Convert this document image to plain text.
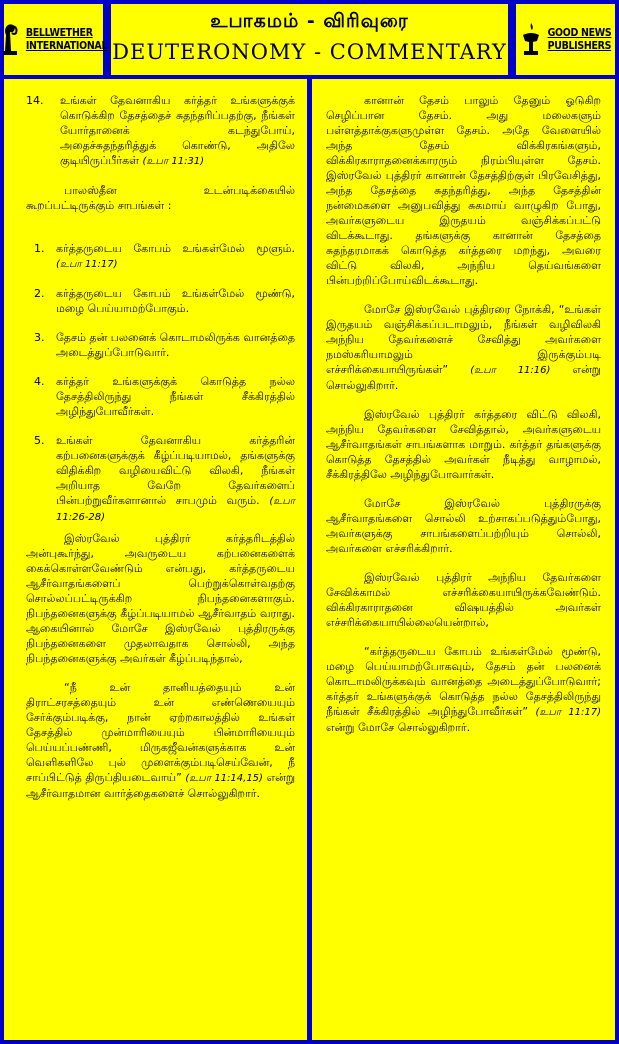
BELLWETHER
INTERNATIONAL
உபாகமம் - விரிவுரை
DEUTERONOMY - COMMENTARY
GOOD NEWS
PUBLISHERS
14.	உங்கள் தேவனாகிய கர்த்தர் உங்களுக்குக் கொடுக்கிற தேசத்தைச் சுதந்தரிப்பதற்கு, நீங்கள் யோர்தானைக் கடந்துபோய், அதைச்சுதந்தரித்துக் கொண்டு, அதிலே குடியிருப்பீர்கள் (உபா 11:31)

பாலஸ்தீன உடன்படிக்கையில் கூறப்பட்டிருக்கும் சாபங்கள் :

1.	கர்த்தருடைய கோபம் உங்கள்மேல் மூளும். (உபா 11:17)
2.	கர்த்தருடைய கோபம் உங்கள்மேல் மூண்டு, மழை பெய்யாமற்போகும்.
3.	தேசம் தன் பலனைக் கொடாமலிருக்க வானத்தை அடைத்துப்போடுவார்.
4.	கர்த்தர் உங்களுக்குக் கொடுத்த நல்ல தேசத்திலிருந்து நீங்கள் சீக்கிரத்தில் அழிந்துபோவீர்கள்.
5.	உங்கள் தேவனாகிய கர்த்தரின் கற்பனைகளுக்குக் கீழ்ப்படியாமல், தங்களுக்கு விதிக்கிற வழியைவிட்டு விலகி, நீங்கள் அறியாத வேறே தேவர்களைப் பின்பற்றுவீர்களானால் சாபமும் வரும். (உபா 11:26-28)

இஸ்ரவேல் புத்திரர் கர்த்தரிடத்தில் அன்புகூர்ந்து, அவருடைய கற்பனைகளைக் கைக்கொள்ளவேண்டும் என்பது, கர்த்தருடைய ஆசீர்வாதங்களைப் பெற்றுக்கொள்வதற்கு சொல்லப்பட்டிருக்கிற நிபந்தனைகளாகும். நிபந்தனைகளுக்கு கீழ்ப்படியாமல் ஆசீர்வாதம் வராது. ஆகையினால் மோசே இஸ்ரவேல் புத்திரருக்கு நிபந்தனைகளை முதலாவதாக சொல்லி, அந்த நிபந்தனைகளுக்கு அவர்கள் கீழ்ப்படிந்தால்,

“நீ உன் தானியத்தையும் உன் திராட்சரசத்தையும் உன் எண்ணெயையும் சேர்க்கும்படிக்கு, நான் ஏற்றகாலத்தில் உங்கள் தேசத்தில் முன்மாரியையும் பின்மாரியையும் பெய்யப்பண்ணி, மிருகஜீவன்களுக்காக உன் வெளிகளிலே புல் முளைக்கும்படிசெய்வேன், நீ சாப்பிட்டுத் திருப்தியடைவாய்” (உபா 11:14,15) என்று ஆசீர்வாதமான வார்த்தைகளைச் சொல்லுகிறார்.

கானான் தேசம் பாலும் தேனும் ஓடுகிற செழிப்பான தேசம். அது மலைகளும் பள்ளத்தாக்குகளுமுள்ள தேசம். அதே வேளையில் அந்த தேசம் விக்கிரகங்களும், விக்கிரகாராதனைக்காரரும் நிரம்பியுள்ள தேசம். இஸ்ரவேல் புத்திரர் கானான் தேசத்திற்குள் பிரவேசித்து, அந்த தேசத்தை சுதந்தரித்து, அந்த தேசத்தின் நன்மைகளை அனுபவித்து சுகமாய் வாழுகிற போது, அவர்களுடைய இருதயம் வஞ்சிக்கப்பட்டு விடக்கூடாது. தங்களுக்கு கானான் தேசத்தை சுதந்தரமாகக் கொடுத்த கர்த்தரை மறந்து, அவரை விட்டு விலகி, அந்நிய தெய்வங்களை பின்பற்றிப்போய்விடக்கூடாது.

மோசே இஸ்ரவேல் புத்திரரை நோக்கி, “உங்கள் இருதயம் வஞ்சிக்கப்படாமலும், நீங்கள் வழிவிலகி அந்நிய தேவர்களைச் சேவித்து அவர்களை நமஸ்கரியாமலும் இருக்கும்படி எச்சரிக்கையாயிருங்கள்” (உபா 11:16) என்று சொல்லுகிறார்.

இஸ்ரவேல் புத்திரர் கர்த்தரை விட்டு விலகி, அந்நிய தேவர்களை சேவித்தால், அவர்களுடைய ஆசீர்வாதங்கள் சாபங்களாக மாறும். கர்த்தர் தங்களுக்கு கொடுத்த தேசத்தில் அவர்கள் நீடித்து வாழாமல், சீக்கிரத்திலே அழிந்துபோவார்கள்.

மோசே இஸ்ரவேல் புத்திரருக்கு ஆசீர்வாதங்களை சொல்லி உற்சாகப்படுத்தும்போது, அவர்களுக்கு சாபங்களைப்பற்றியும் சொல்லி, அவர்களை எச்சரிக்கிறார்.

இஸ்ரவேல் புத்திரர் அந்நிய தேவர்களை சேவிக்காமல் எச்சரிக்கையாயிருக்கவேண்டும். விக்கிரகாராதனை விஷயத்தில் அவர்கள் எச்சரிக்கையாயில்லையென்றால்,

“கர்த்தருடைய கோபம் உங்கள்மேல் மூண்டு, மழை பெய்யாமற்போகவும், தேசம் தன் பலனைக் கொடாமலிருக்கவும் வானத்தை அடைத்துப்போடுவார்; கர்த்தர் உங்களுக்குக் கொடுத்த நல்ல தேசத்திலிருந்து நீங்கள் சீக்கிரத்தில் அழிந்துபோவீர்கள்” (உபா 11:17) என்று மோசே சொல்லுகிறார்.
